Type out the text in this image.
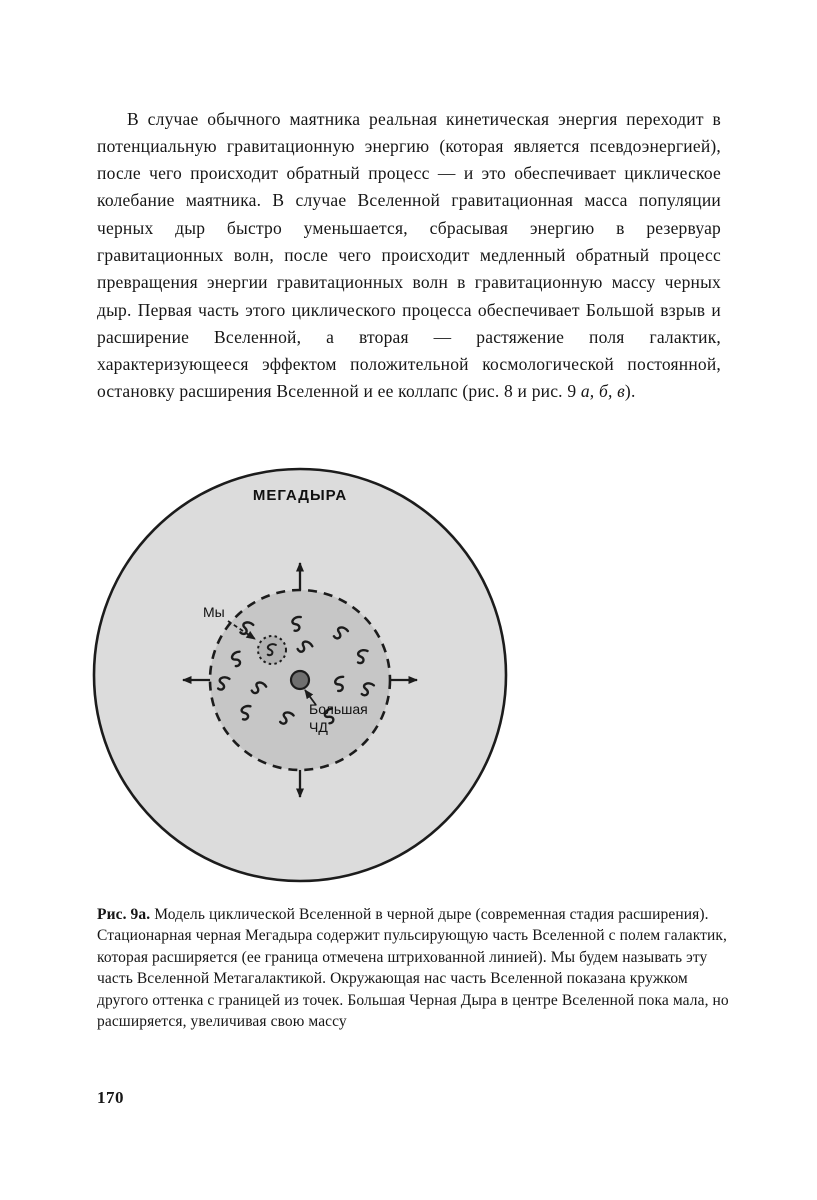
В случае обычного маятника реальная кинетическая энергия переходит в потенциальную гравитационную энергию (которая является псевдоэнергией), после чего происходит обратный процесс — и это обеспечивает циклическое колебание маятника. В случае Вселенной гравитационная масса популяции черных дыр быстро уменьшается, сбрасывая энергию в резервуар гравитационных волн, после чего происходит медленный обратный процесс превращения энергии гравитационных волн в гравитационную массу черных дыр. Первая часть этого циклического процесса обеспечивает Большой взрыв и расширение Вселенной, а вторая — растяжение поля галактик, характеризующееся эффектом положительной космологической постоянной, остановку расширения Вселенной и ее коллапс (рис. 8 и рис. 9 а, б, в).

МЕГАДЫРА
Мы
Большая
ЧД

Рис. 9а. Модель циклической Вселенной в черной дыре (современная стадия расширения). Стационарная черная Мегадыра содержит пульсирующую часть Вселенной с полем галактик, которая расширяется (ее граница отмечена штрихованной линией). Мы будем называть эту часть Вселенной Метагалактикой. Окружающая нас часть Вселенной показана кружком другого оттенка с границей из точек. Большая Черная Дыра в центре Вселенной пока мала, но расширяется, увеличивая свою массу

170
